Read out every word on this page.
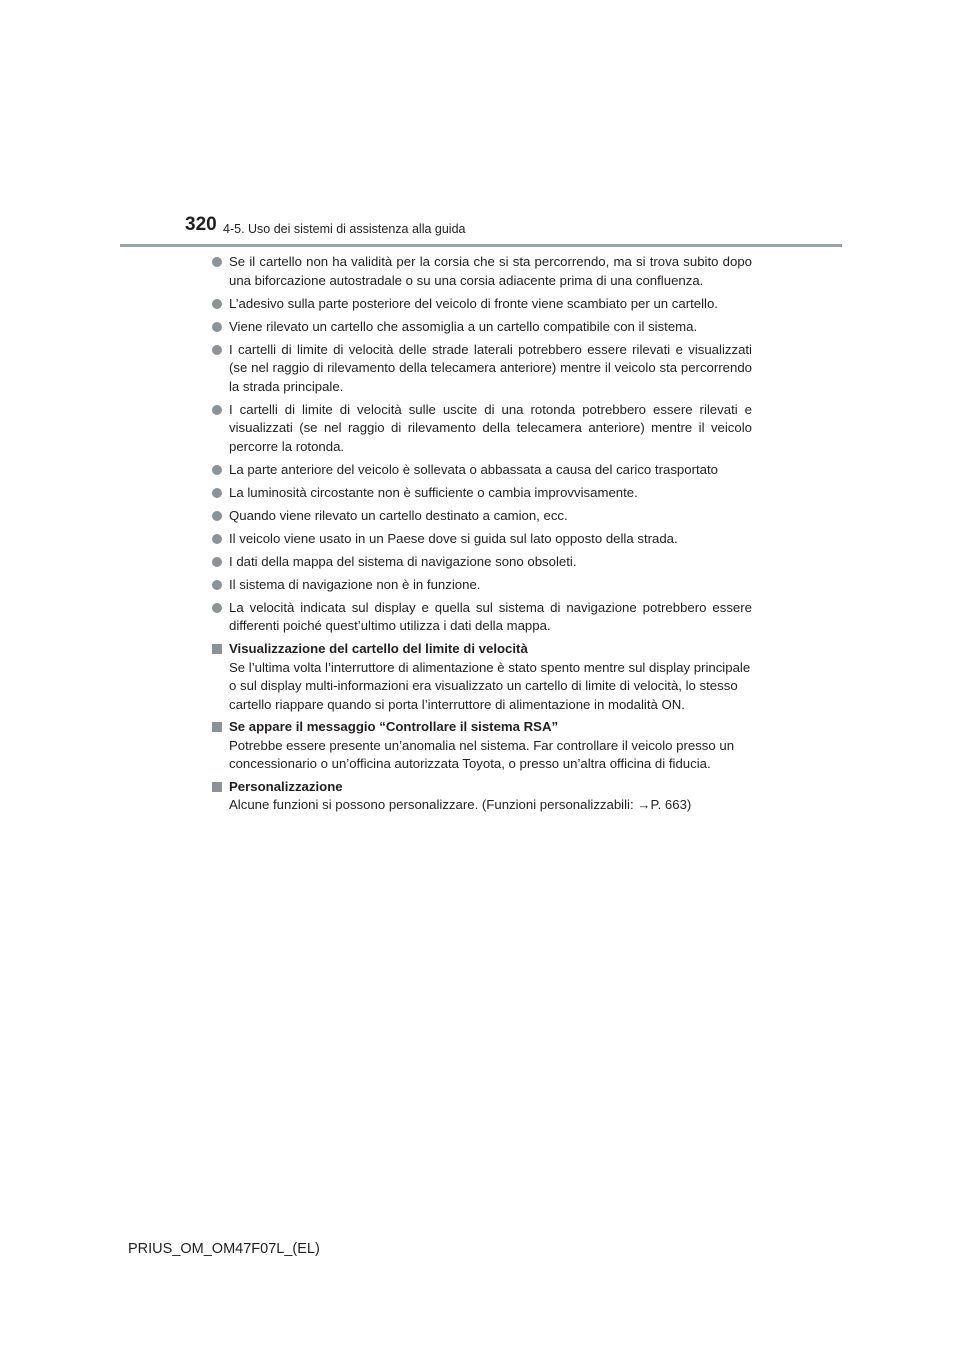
320 4-5. Uso dei sistemi di assistenza alla guida
Se il cartello non ha validità per la corsia che si sta percorrendo, ma si trova subito dopo una biforcazione autostradale o su una corsia adiacente prima di una confluenza.
L’adesivo sulla parte posteriore del veicolo di fronte viene scambiato per un cartello.
Viene rilevato un cartello che assomiglia a un cartello compatibile con il sistema.
I cartelli di limite di velocità delle strade laterali potrebbero essere rilevati e visualizzati (se nel raggio di rilevamento della telecamera anteriore) mentre il veicolo sta percorrendo la strada principale.
I cartelli di limite di velocità sulle uscite di una rotonda potrebbero essere rilevati e visualizzati (se nel raggio di rilevamento della telecamera anteriore) mentre il veicolo percorre la rotonda.
La parte anteriore del veicolo è sollevata o abbassata a causa del carico trasportato
La luminosità circostante non è sufficiente o cambia improvvisamente.
Quando viene rilevato un cartello destinato a camion, ecc.
Il veicolo viene usato in un Paese dove si guida sul lato opposto della strada.
I dati della mappa del sistema di navigazione sono obsoleti.
Il sistema di navigazione non è in funzione.
La velocità indicata sul display e quella sul sistema di navigazione potrebbero essere differenti poiché quest’ultimo utilizza i dati della mappa.
Visualizzazione del cartello del limite di velocità
Se l’ultima volta l’interruttore di alimentazione è stato spento mentre sul display principale o sul display multi-informazioni era visualizzato un cartello di limite di velocità, lo stesso cartello riappare quando si porta l’interruttore di alimentazione in modalità ON.
Se appare il messaggio “Controllare il sistema RSA”
Potrebbe essere presente un’anomalia nel sistema. Far controllare il veicolo presso un concessionario o un’officina autorizzata Toyota, o presso un’altra officina di fiducia.
Personalizzazione
Alcune funzioni si possono personalizzare. (Funzioni personalizzabili: →P. 663)
PRIUS_OM_OM47F07L_(EL)
